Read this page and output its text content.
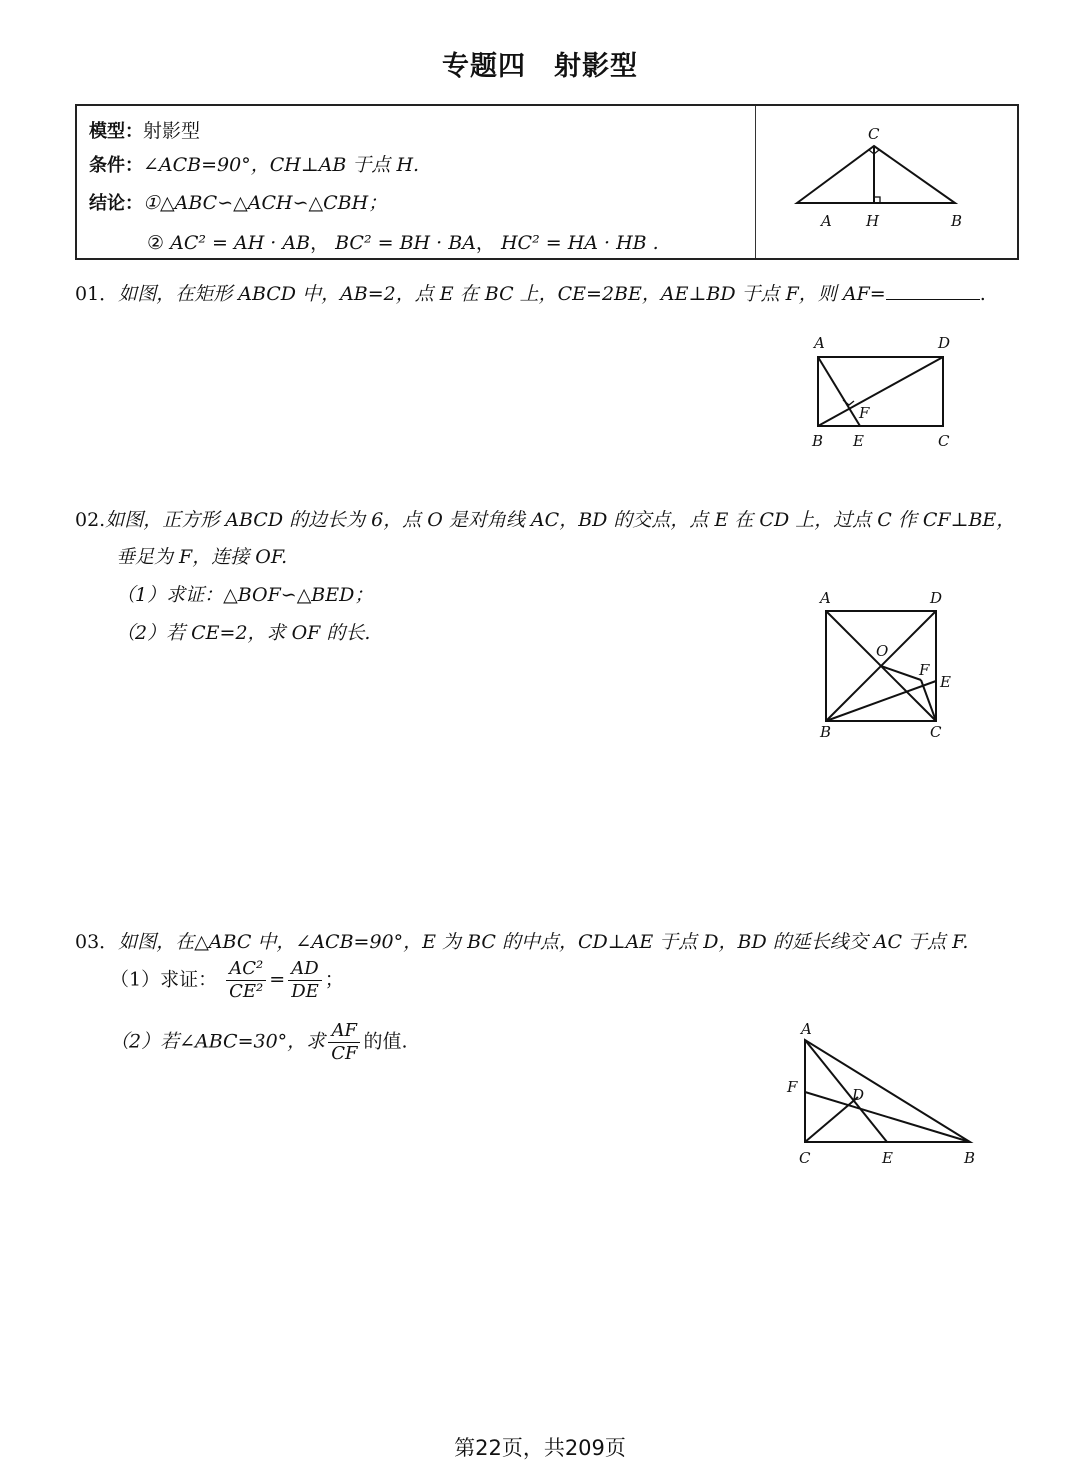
专题四　射影型
模型：射影型
条件：∠ACB=90°，CH⊥AB 于点 H.
结论：①△ABC∽△ACH∽△CBH；
② AC² = AH · AB， BC² = BH · BA， HC² = HA · HB .
C
A H	B
01．如图，在矩形 ABCD 中，AB=2，点 E 在 BC 上，CE=2BE，AE⊥BD 于点 F，则 AF=	.
A	D
B E	C
F
02.如图，正方形 ABCD 的边长为 6，点 O 是对角线 AC，BD 的交点，点 E 在 CD 上，过点 C 作 CF⊥BE，
垂足为 F，连接 OF.
（1）求证：△BOF∽△BED；
（2）若 CE=2，求 OF 的长.
A	D
B	C
O
F
E
03．如图，在△ABC 中，∠ACB=90°，E 为 BC 的中点，CD⊥AE 于点 D，BD 的延长线交 AC 于点 F.
（1）求证： $\frac{\text{AC²}}{\text{CE²}} = \frac{AD}{DE}$ ；
（2）若∠ABC=30°，求 $\frac{AF}{CF}$ 的值.
A
F	D
C	E	B
第22页，共209页
